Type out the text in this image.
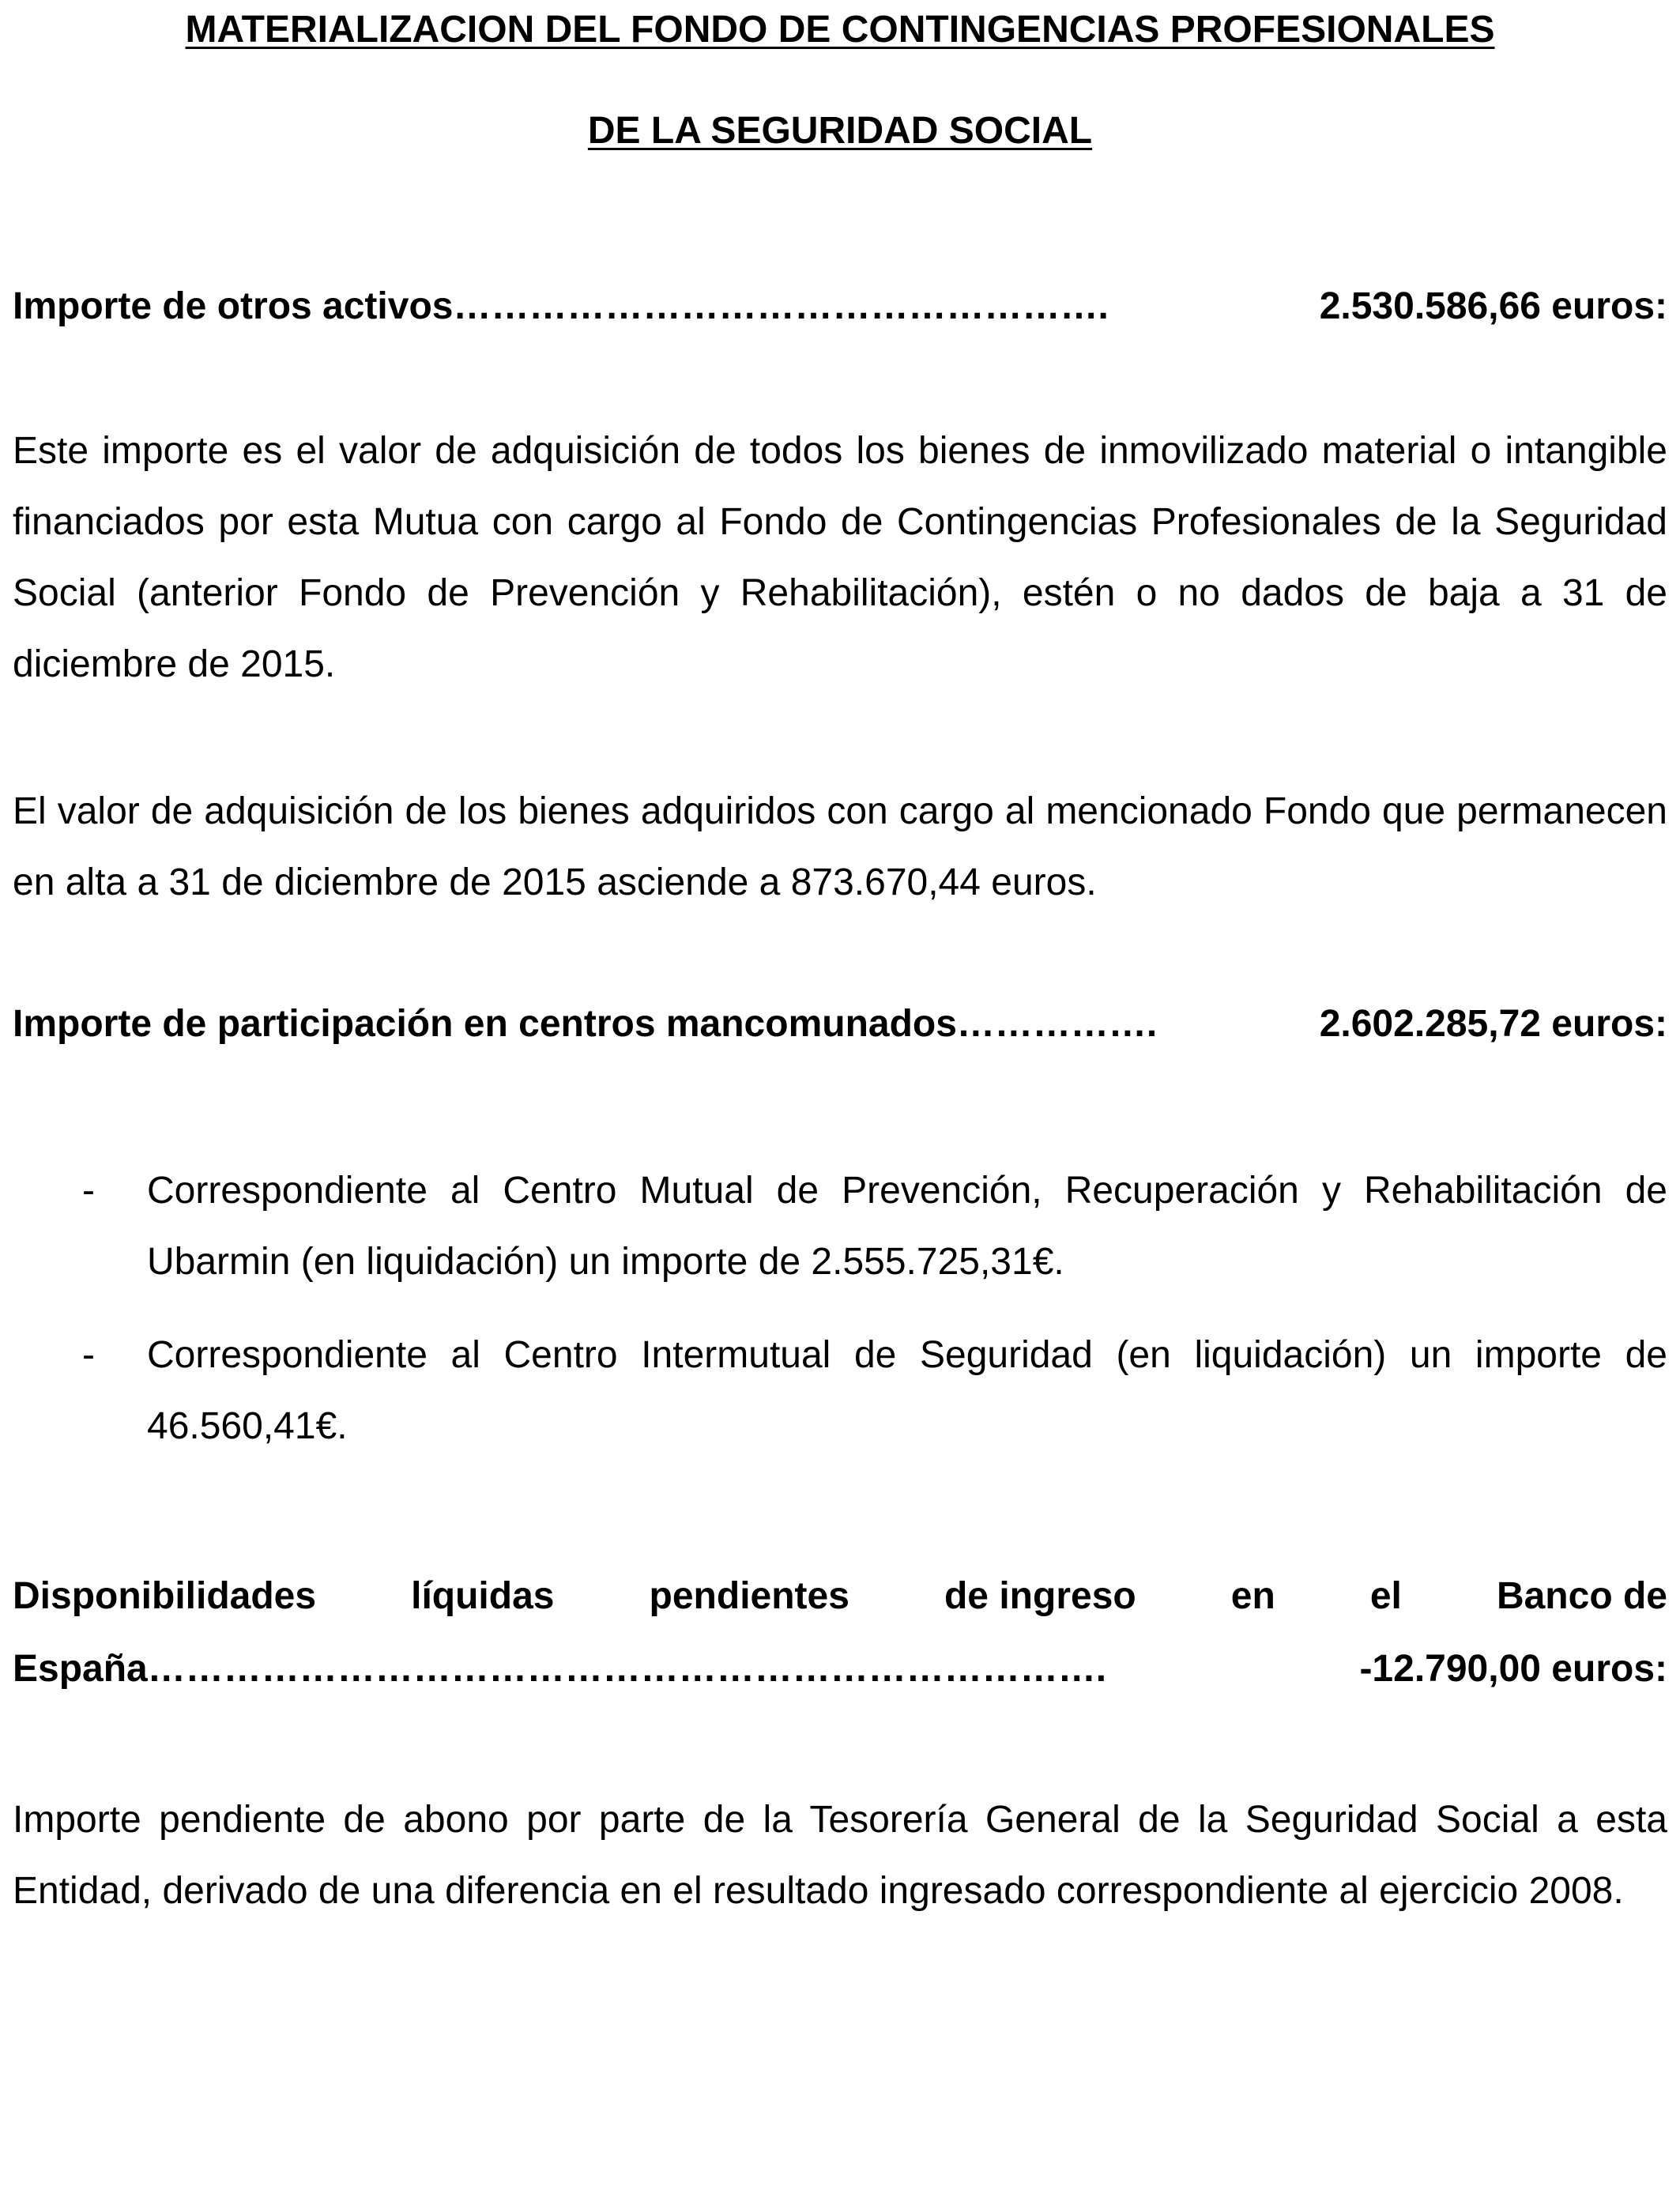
MATERIALIZACION DEL FONDO DE CONTINGENCIAS PROFESIONALES
DE LA SEGURIDAD SOCIAL
Importe de otros activos …………………………………………….	2.530.586,66 euros:
Este importe es el valor de adquisición de todos los bienes de inmovilizado material o intangible financiados por esta Mutua con cargo al Fondo de Contingencias Profesionales de la Seguridad Social (anterior Fondo de Prevención y Rehabilitación), estén o no dados de baja a 31 de diciembre de 2015.
El valor de adquisición de los bienes adquiridos con cargo al mencionado Fondo que permanecen en alta a 31 de diciembre de 2015 asciende a 873.670,44 euros.
Importe de participación en centros mancomunados …………….	2.602.285,72 euros:
- Correspondiente al Centro Mutual de Prevención, Recuperación y Rehabilitación de Ubarmin (en liquidación) un importe de 2.555.725,31€.
- Correspondiente al Centro Intermutual de Seguridad (en liquidación) un importe de 46.560,41€.
Disponibilidades	líquidas	pendientes	de ingreso	en	el	Banco de
España ………………………………………………………………….	-12.790,00 euros:
Importe pendiente de abono por parte de la Tesorería General de la Seguridad Social a esta Entidad, derivado de una diferencia en el resultado ingresado correspondiente al ejercicio 2008.
